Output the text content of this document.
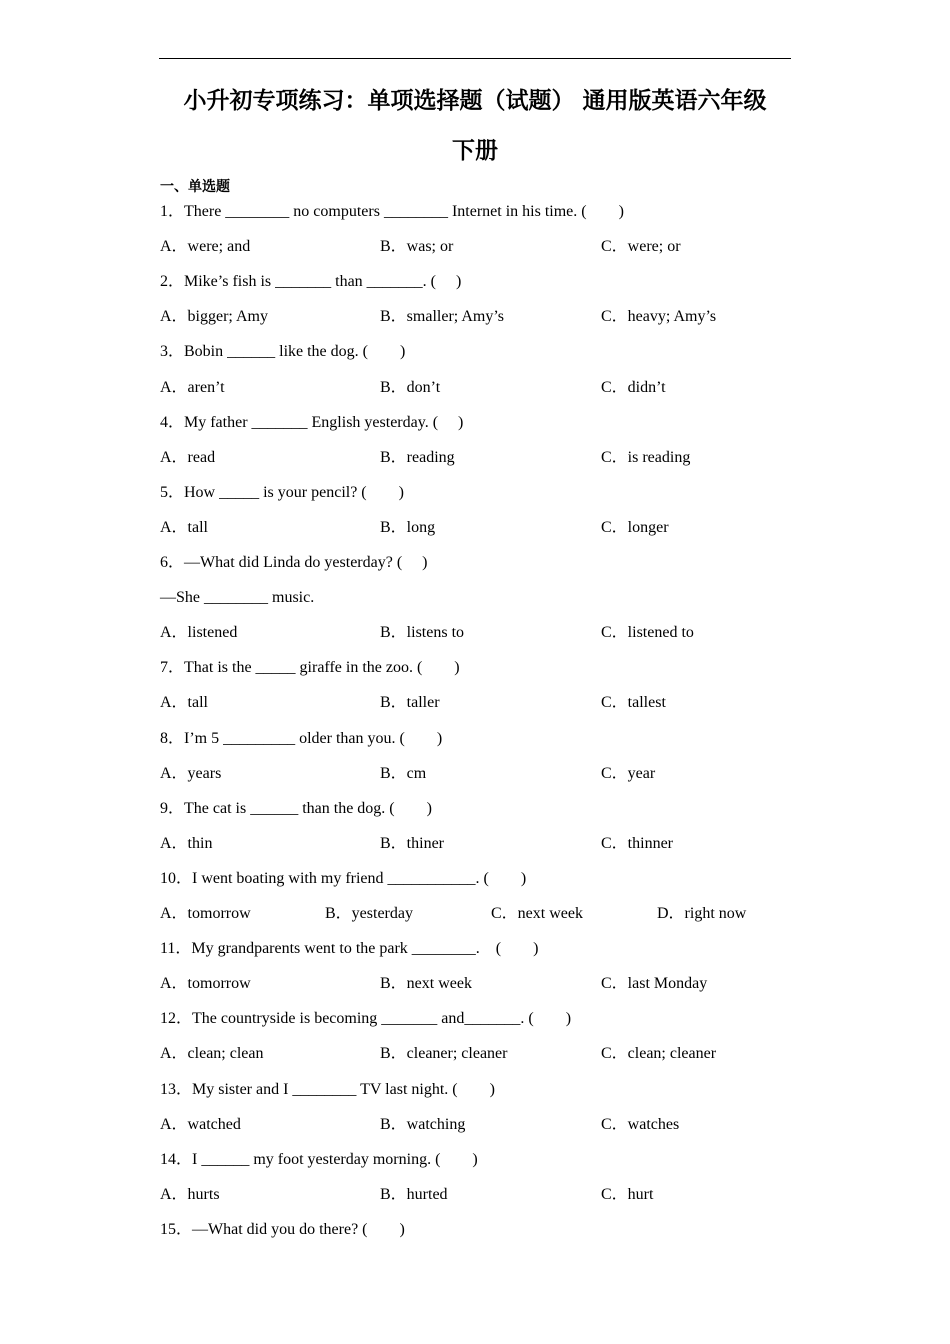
小升初专项练习：单项选择题（试题） 通用版英语六年级
下册
一、单选题
1．There ________ no computers ________ Internet in his time. (　　)
A．were; and	B．was; or	C．were; or
2．Mike’s fish is _______ than _______. (　 )
A．bigger; Amy	B．smaller; Amy’s	C．heavy; Amy’s
3．Bobin ______ like the dog. (　　)
A．aren’t	B．don’t	C．didn’t
4．My father _______ English yesterday. (　 )
A．read	B．reading	C．is reading
5．How _____ is your pencil? (　　)
A．tall	B．long	C．longer
6．—What did Linda do yesterday? (　 )
—She ________ music.
A．listened	B．listens to	C．listened to
7．That is the _____ giraffe in the zoo. (　　)
A．tall	B．taller	C．tallest
8．I’m 5 _________ older than you. (　　)
A．years	B．cm	C．year
9．The cat is ______ than the dog. (　　)
A．thin	B．thiner	C．thinner
10．I went boating with my friend ___________. (　　)
A．tomorrow	B．yesterday	C．next week	D．right now
11．My grandparents went to the park ________.　(　　)
A．tomorrow	B．next week	C．last Monday
12．The countryside is becoming _______ and_______. (　　)
A．clean; clean	B．cleaner; cleaner	C．clean; cleaner
13．My sister and I ________ TV last night. (　　)
A．watched	B．watching	C．watches
14．I ______ my foot yesterday morning. (　　)
A．hurts	B．hurted	C．hurt
15．—What did you do there? (　　)
